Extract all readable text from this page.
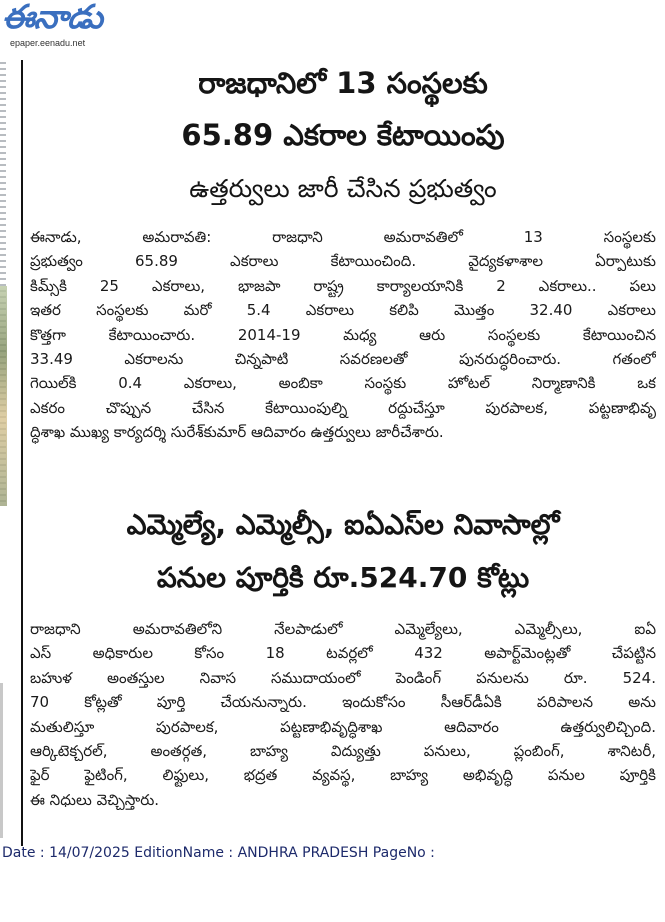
ఈనాడు
epaper.eenadu.net
రాజధానిలో 13 సంస్థలకు
65.89 ఎకరాల కేటాయింపు
ఉత్తర్వులు జారీ చేసిన ప్రభుత్వం
ఈనాడు, అమరావతి: రాజధాని అమరావతిలో 13 సంస్థలకు
ప్రభుత్వం 65.89 ఎకరాలు కేటాయించింది. వైద్యకళాశాల ఏర్పాటుకు
కిమ్స్‌కి 25 ఎకరాలు, భాజపా రాష్ట్ర కార్యాలయానికి 2 ఎకరాలు.. పలు
ఇతర సంస్థలకు మరో 5.4 ఎకరాలు కలిపి మొత్తం 32.40 ఎకరాలు
కొత్తగా కేటాయించారు. 2014-19 మధ్య ఆరు సంస్థలకు కేటాయించిన
33.49 ఎకరాలను చిన్నపాటి సవరణలతో పునరుద్ధరించారు. గతంలో
గెయిల్‌కి 0.4 ఎకరాలు, అంబికా సంస్థకు హోటల్ నిర్మాణానికి ఒక
ఎకరం చొప్పున చేసిన కేటాయింపుల్ని రద్దుచేస్తూ పురపాలక, పట్టణాభివృ
ద్ధిశాఖ ముఖ్య కార్యదర్శి సురేశ్‌కుమార్ ఆదివారం ఉత్తర్వులు జారీచేశారు.
ఎమ్మెల్యే, ఎమ్మెల్సీ, ఐఏఎస్‌ల నివాసాల్లో
పనుల పూర్తికి రూ.524.70 కోట్లు
రాజధాని అమరావతిలోని నేలపాడులో ఎమ్మెల్యేలు, ఎమ్మెల్సీలు, ఐఏ
ఎస్ అధికారుల కోసం 18 టవర్లలో 432 అపార్ట్‌మెంట్లతో చేపట్టిన
బహుళ అంతస్తుల నివాస సముదాయంలో పెండింగ్ పనులను రూ. 524.
70 కోట్లతో పూర్తి చేయనున్నారు. ఇందుకోసం సీఆర్‌డీఏకి పరిపాలన అను
మతులిస్తూ పురపాలక, పట్టణాభివృద్ధిశాఖ ఆదివారం ఉత్తర్వులిచ్చింది.
ఆర్కిటెక్చరల్, అంతర్గత, బాహ్య విద్యుత్తు పనులు, ప్లంబింగ్, శానిటరీ,
ఫైర్ ఫైటింగ్, లిఫ్టులు, భద్రత వ్యవస్థ, బాహ్య అభివృద్ధి పనుల పూర్తికి
ఈ నిధులు వెచ్చిస్తారు.
Date : 14/07/2025 EditionName : ANDHRA PRADESH PageNo :
